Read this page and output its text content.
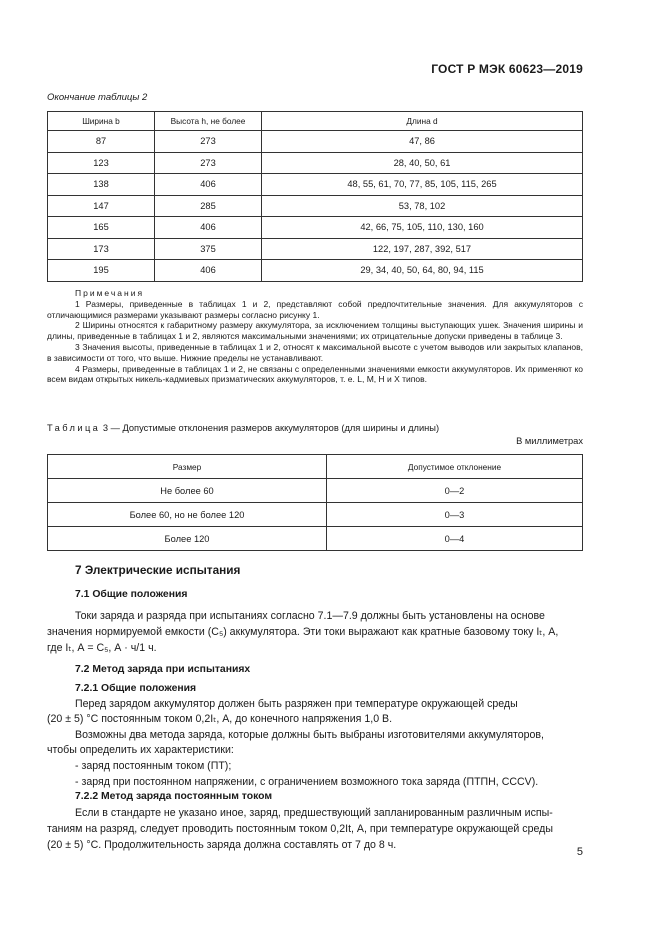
ГОСТ Р МЭК 60623—2019
Окончание таблицы 2
Ширина b	Высота h, не более	Длина d
87	273	47, 86
123	273	28, 40, 50, 61
138	406	48, 55, 61, 70, 77, 85, 105, 115, 265
147	285	53, 78, 102
165	406	42, 66, 75, 105, 110, 130, 160
173	375	122, 197, 287, 392, 517
195	406	29, 34, 40, 50, 64, 80, 94, 115

Примечания

1 Размеры, приведенные в таблицах 1 и 2, представляют собой предпочтительные значения. Для аккумуляторов с отличающимися размерами указывают размеры согласно рисунку 1.

2 Ширины относятся к габаритному размеру аккумулятора, за исключением толщины выступающих ушек. Значения ширины и длины, приведенные в таблицах 1 и 2, являются максимальными значениями; их отрицательные допуски приведены в таблице 3.

3 Значения высоты, приведенные в таблицах 1 и 2, относят к максимальной высоте с учетом выводов или закрытых клапанов, в зависимости от того, что выше. Нижние пределы не устанавливают.

4 Размеры, приведенные в таблицах 1 и 2, не связаны с определенными значениями емкости аккумуляторов. Их применяют ко всем видам открытых никель-кадмиевых призматических аккумуляторов, т. е. L, M, H и X типов.

Таблица 3 — Допустимые отклонения размеров аккумуляторов (для ширины и длины)
В миллиметрах
Размер	Допустимое отклонение
Не более 60	0—2
Более 60, но не более 120	0—3
Более 120	0—4
7 Электрические испытания
7.1 Общие положения
Токи заряда и разряда при испытаниях согласно 7.1—7.9 должны быть установлены на основе
значения нормируемой емкости (C₅) аккумулятора. Эти токи выражают как кратные базовому току Iₜ, А,
где Iₜ, А = C₅, А · ч/1 ч.
7.2 Метод заряда при испытаниях
7.2.1 Общие положения
Перед зарядом аккумулятор должен быть разряжен при температуре окружающей среды
(20 ± 5) °С постоянным током 0,2Iₜ, А, до конечного напряжения 1,0 В.
Возможны два метода заряда, которые должны быть выбраны изготовителями аккумуляторов,
чтобы определить их характеристики:
- заряд постоянным током (ПТ);
- заряд при постоянном напряжении, с ограничением возможного тока заряда (ПТПН, CCCV).
7.2.2 Метод заряда постоянным током
Если в стандарте не указано иное, заряд, предшествующий запланированным различным испы-
таниям на разряд, следует проводить постоянным током 0,2It, А, при температуре окружающей среды
(20 ± 5) °С. Продолжительность заряда должна составлять от 7 до 8 ч.
5
